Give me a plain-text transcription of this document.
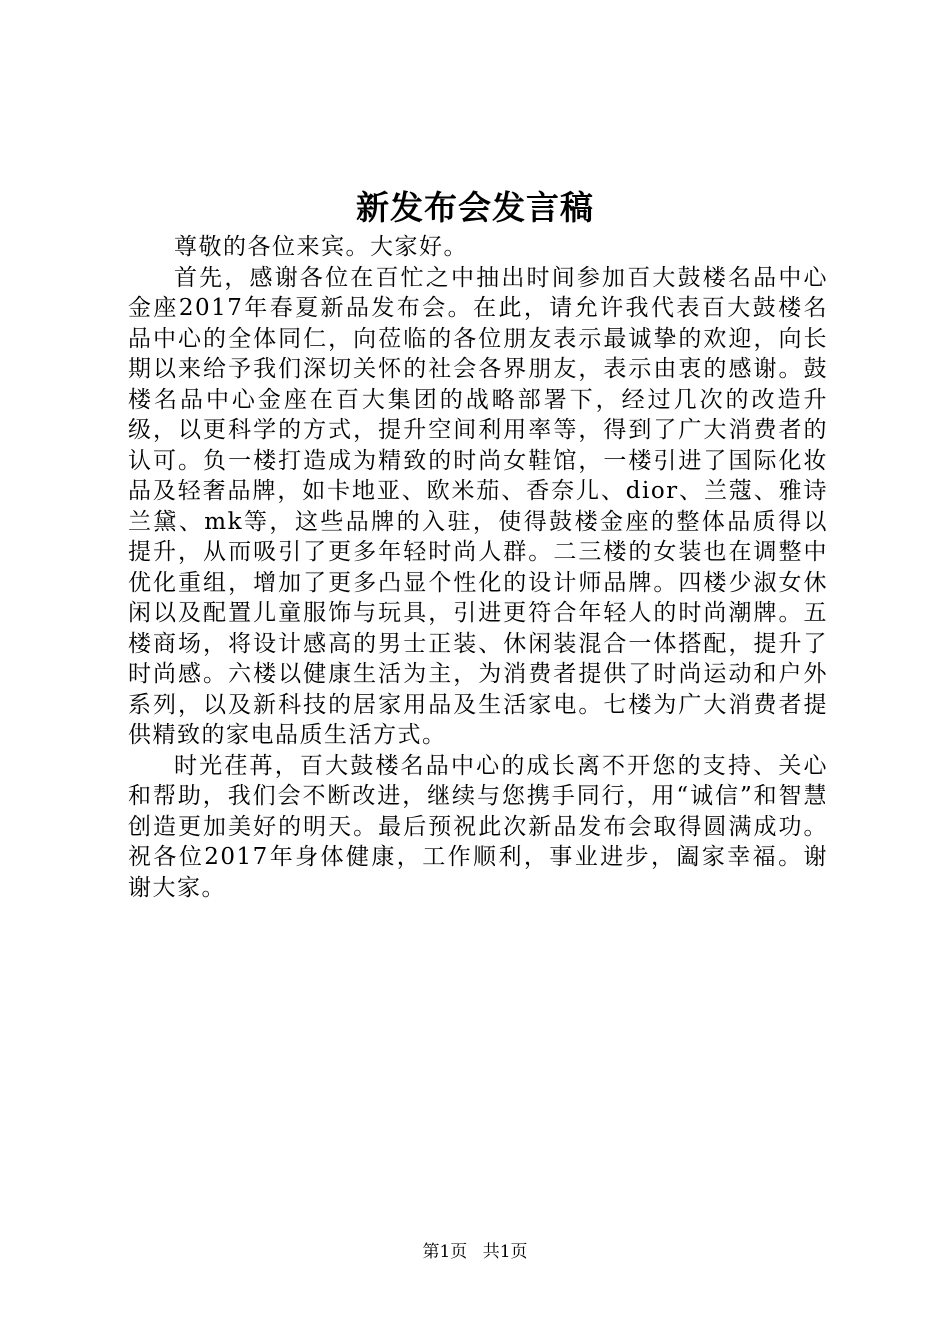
新发布会发言稿

尊敬的各位来宾。大家好。

首先，感谢各位在百忙之中抽出时间参加百大鼓楼名品中心金座2017年春夏新品发布会。在此，请允许我代表百大鼓楼名品中心的全体同仁，向莅临的各位朋友表示最诚挚的欢迎，向长期以来给予我们深切关怀的社会各界朋友，表示由衷的感谢。鼓楼名品中心金座在百大集团的战略部署下，经过几次的改造升级，以更科学的方式，提升空间利用率等，得到了广大消费者的认可。负一楼打造成为精致的时尚女鞋馆，一楼引进了国际化妆品及轻奢品牌，如卡地亚、欧米茄、香奈儿、dior、兰蔻、雅诗兰黛、mk等，这些品牌的入驻，使得鼓楼金座的整体品质得以提升，从而吸引了更多年轻时尚人群。二三楼的女装也在调整中优化重组，增加了更多凸显个性化的设计师品牌。四楼少淑女休闲以及配置儿童服饰与玩具，引进更符合年轻人的时尚潮牌。五楼商场，将设计感高的男士正装、休闲装混合一体搭配，提升了时尚感。六楼以健康生活为主，为消费者提供了时尚运动和户外系列，以及新科技的居家用品及生活家电。七楼为广大消费者提供精致的家电品质生活方式。

时光荏苒，百大鼓楼名品中心的成长离不开您的支持、关心和帮助，我们会不断改进，继续与您携手同行，用“诚信”和智慧创造更加美好的明天。最后预祝此次新品发布会取得圆满成功。祝各位2017年身体健康，工作顺利，事业进步，阖家幸福。谢谢大家。

第1页 共1页
